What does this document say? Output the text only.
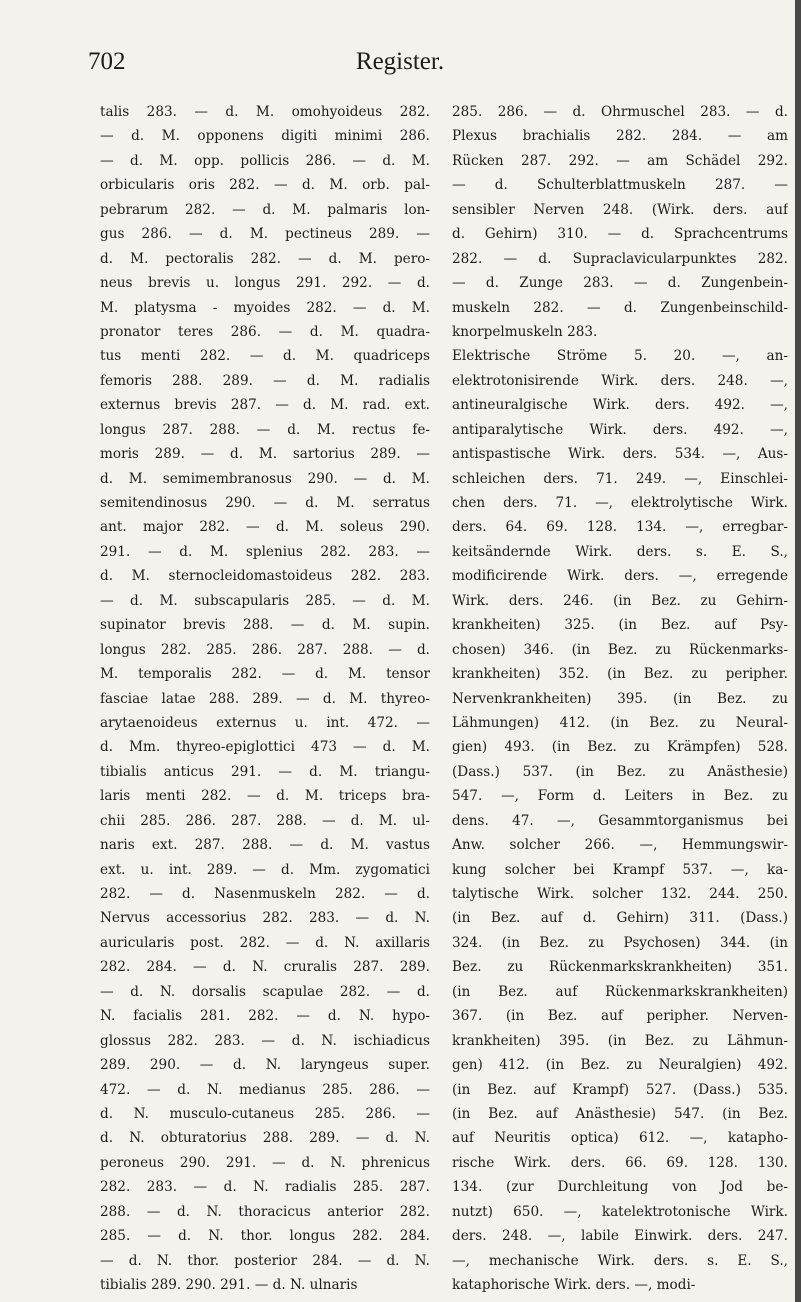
702	Register.
talis 283. — d. M. omohyoideus 282.
— d. M. opponens digiti minimi 286.
— d. M. opp. pollicis 286. — d. M.
orbicularis oris 282. — d. M. orb. pal-
pebrarum 282. — d. M. palmaris lon-
gus 286. — d. M. pectineus 289. —
d. M. pectoralis 282. — d. M. pero-
neus brevis u. longus 291. 292. — d.
M. platysma - myoides 282. — d. M.
pronator teres 286. — d. M. quadra-
tus menti 282. — d. M. quadriceps
femoris 288. 289. — d. M. radialis
externus brevis 287. — d. M. rad. ext.
longus 287. 288. — d. M. rectus fe-
moris 289. — d. M. sartorius 289. —
d. M. semimembranosus 290. — d. M.
semitendinosus 290. — d. M. serratus
ant. major 282. — d. M. soleus 290.
291. — d. M. splenius 282. 283. —
d. M. sternocleidomastoideus 282. 283.
— d. M. subscapularis 285. — d. M.
supinator brevis 288. — d. M. supin.
longus 282. 285. 286. 287. 288. — d.
M. temporalis 282. — d. M. tensor
fasciae latae 288. 289. — d. M. thyreo-
arytaenoideus externus u. int. 472. —
d. Mm. thyreo-epiglottici 473 — d. M.
tibialis anticus 291. — d. M. triangu-
laris menti 282. — d. M. triceps bra-
chii 285. 286. 287. 288. — d. M. ul-
naris ext. 287. 288. — d. M. vastus
ext. u. int. 289. — d. Mm. zygomatici
282. — d. Nasenmuskeln 282. — d.
Nervus accessorius 282. 283. — d. N.
auricularis post. 282. — d. N. axillaris
282. 284. — d. N. cruralis 287. 289.
— d. N. dorsalis scapulae 282. — d.
N. facialis 281. 282. — d. N. hypo-
glossus 282. 283. — d. N. ischiadicus
289. 290. — d. N. laryngeus super.
472. — d. N. medianus 285. 286. —
d. N. musculo-cutaneus 285. 286. —
d. N. obturatorius 288. 289. — d. N.
peroneus 290. 291. — d. N. phrenicus
282. 283. — d. N. radialis 285. 287.
288. — d. N. thoracicus anterior 282.
285. — d. N. thor. longus 282. 284.
— d. N. thor. posterior 284. — d. N.
tibialis 289. 290. 291. — d. N. ulnaris
285. 286. — d. Ohrmuschel 283. — d.
Plexus brachialis 282. 284. — am
Rücken 287. 292. — am Schädel 292.
— d. Schulterblattmuskeln 287. —
sensibler Nerven 248. (Wirk. ders. auf
d. Gehirn) 310. — d. Sprachcentrums
282. — d. Supraclavicularpunktes 282.
— d. Zunge 283. — d. Zungenbein-
muskeln 282. — d. Zungenbeinschild-
knorpelmuskeln 283.
Elektrische Ströme 5. 20. —, an-
elektrotonisirende Wirk. ders. 248. —,
antineuralgische Wirk. ders. 492. —,
antiparalytische Wirk. ders. 492. —,
antispastische Wirk. ders. 534. —, Aus-
schleichen ders. 71. 249. —, Einschlei-
chen ders. 71. —, elektrolytische Wirk.
ders. 64. 69. 128. 134. —, erregbar-
keitsändernde Wirk. ders. s. E. S.,
modificirende Wirk. ders. —, erregende
Wirk. ders. 246. (in Bez. zu Gehirn-
krankheiten) 325. (in Bez. auf Psy-
chosen) 346. (in Bez. zu Rückenmarks-
krankheiten) 352. (in Bez. zu peripher.
Nervenkrankheiten) 395. (in Bez. zu
Lähmungen) 412. (in Bez. zu Neural-
gien) 493. (in Bez. zu Krämpfen) 528.
(Dass.) 537. (in Bez. zu Anästhesie)
547. —, Form d. Leiters in Bez. zu
dens. 47. —, Gesammtorganismus bei
Anw. solcher 266. —, Hemmungswir-
kung solcher bei Krampf 537. —, ka-
talytische Wirk. solcher 132. 244. 250.
(in Bez. auf d. Gehirn) 311. (Dass.)
324. (in Bez. zu Psychosen) 344. (in
Bez. zu Rückenmarkskrankheiten) 351.
(in Bez. auf Rückenmarkskrankheiten)
367. (in Bez. auf peripher. Nerven-
krankheiten) 395. (in Bez. zu Lähmun-
gen) 412. (in Bez. zu Neuralgien) 492.
(in Bez. auf Krampf) 527. (Dass.) 535.
(in Bez. auf Anästhesie) 547. (in Bez.
auf Neuritis optica) 612. —, katapho-
rische Wirk. ders. 66. 69. 128. 130.
134. (zur Durchleitung von Jod be-
nutzt) 650. —, katelektrotonische Wirk.
ders. 248. —, labile Einwirk. ders. 247.
—, mechanische Wirk. ders. s. E. S.,
kataphorische Wirk. ders. —, modi-
